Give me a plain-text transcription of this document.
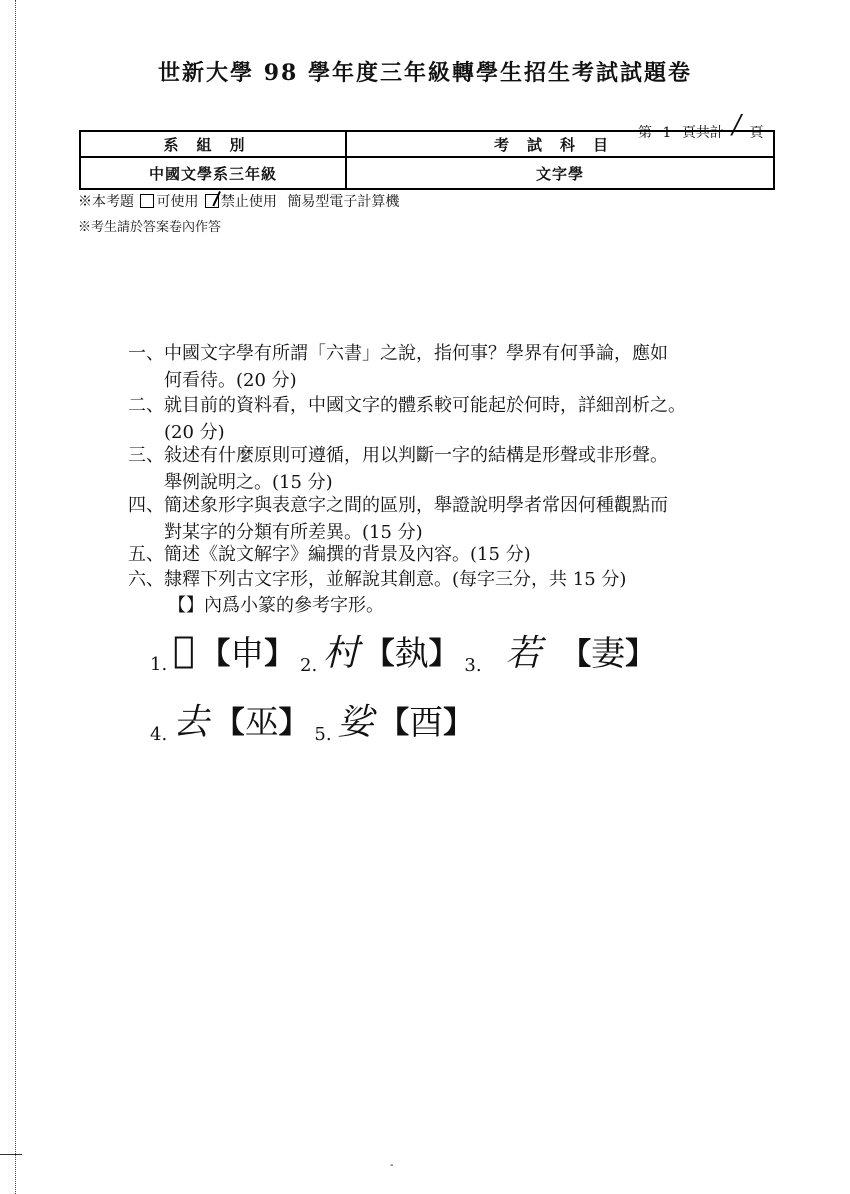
世新大學 98 學年度三年級轉學生招生考試試題卷
第 1 頁共計 / 頁
系組別	考試科目
中國文學系三年級	文字學
※本考題 可使用 禁止使用 簡易型電子計算機
※考生請於答案卷內作答
一、中國文字學有所謂「六書」之說，指何事？學界有何爭論，應如
何看待。(20 分)
二、就目前的資料看，中國文字的體系較可能起於何時，詳細剖析之。
(20 分)
三、敍述有什麼原則可遵循，用以判斷一字的結構是形聲或非形聲。
舉例說明之。(15 分)
四、簡述象形字與表意字之間的區別，舉證說明學者常因何種觀點而
對某字的分類有所差異。(15 分)
五、簡述《說文解字》編撰的背景及內容。(15 分)
六、隸釋下列古文字形，並解說其創意。(每字三分，共 15 分)
【】內爲小篆的參考字形。
1. 𠃨 【申】 2. 村 【埶】 3. 若 【妻】
4. 去 【巫】 5. 娑 【酉】
-
